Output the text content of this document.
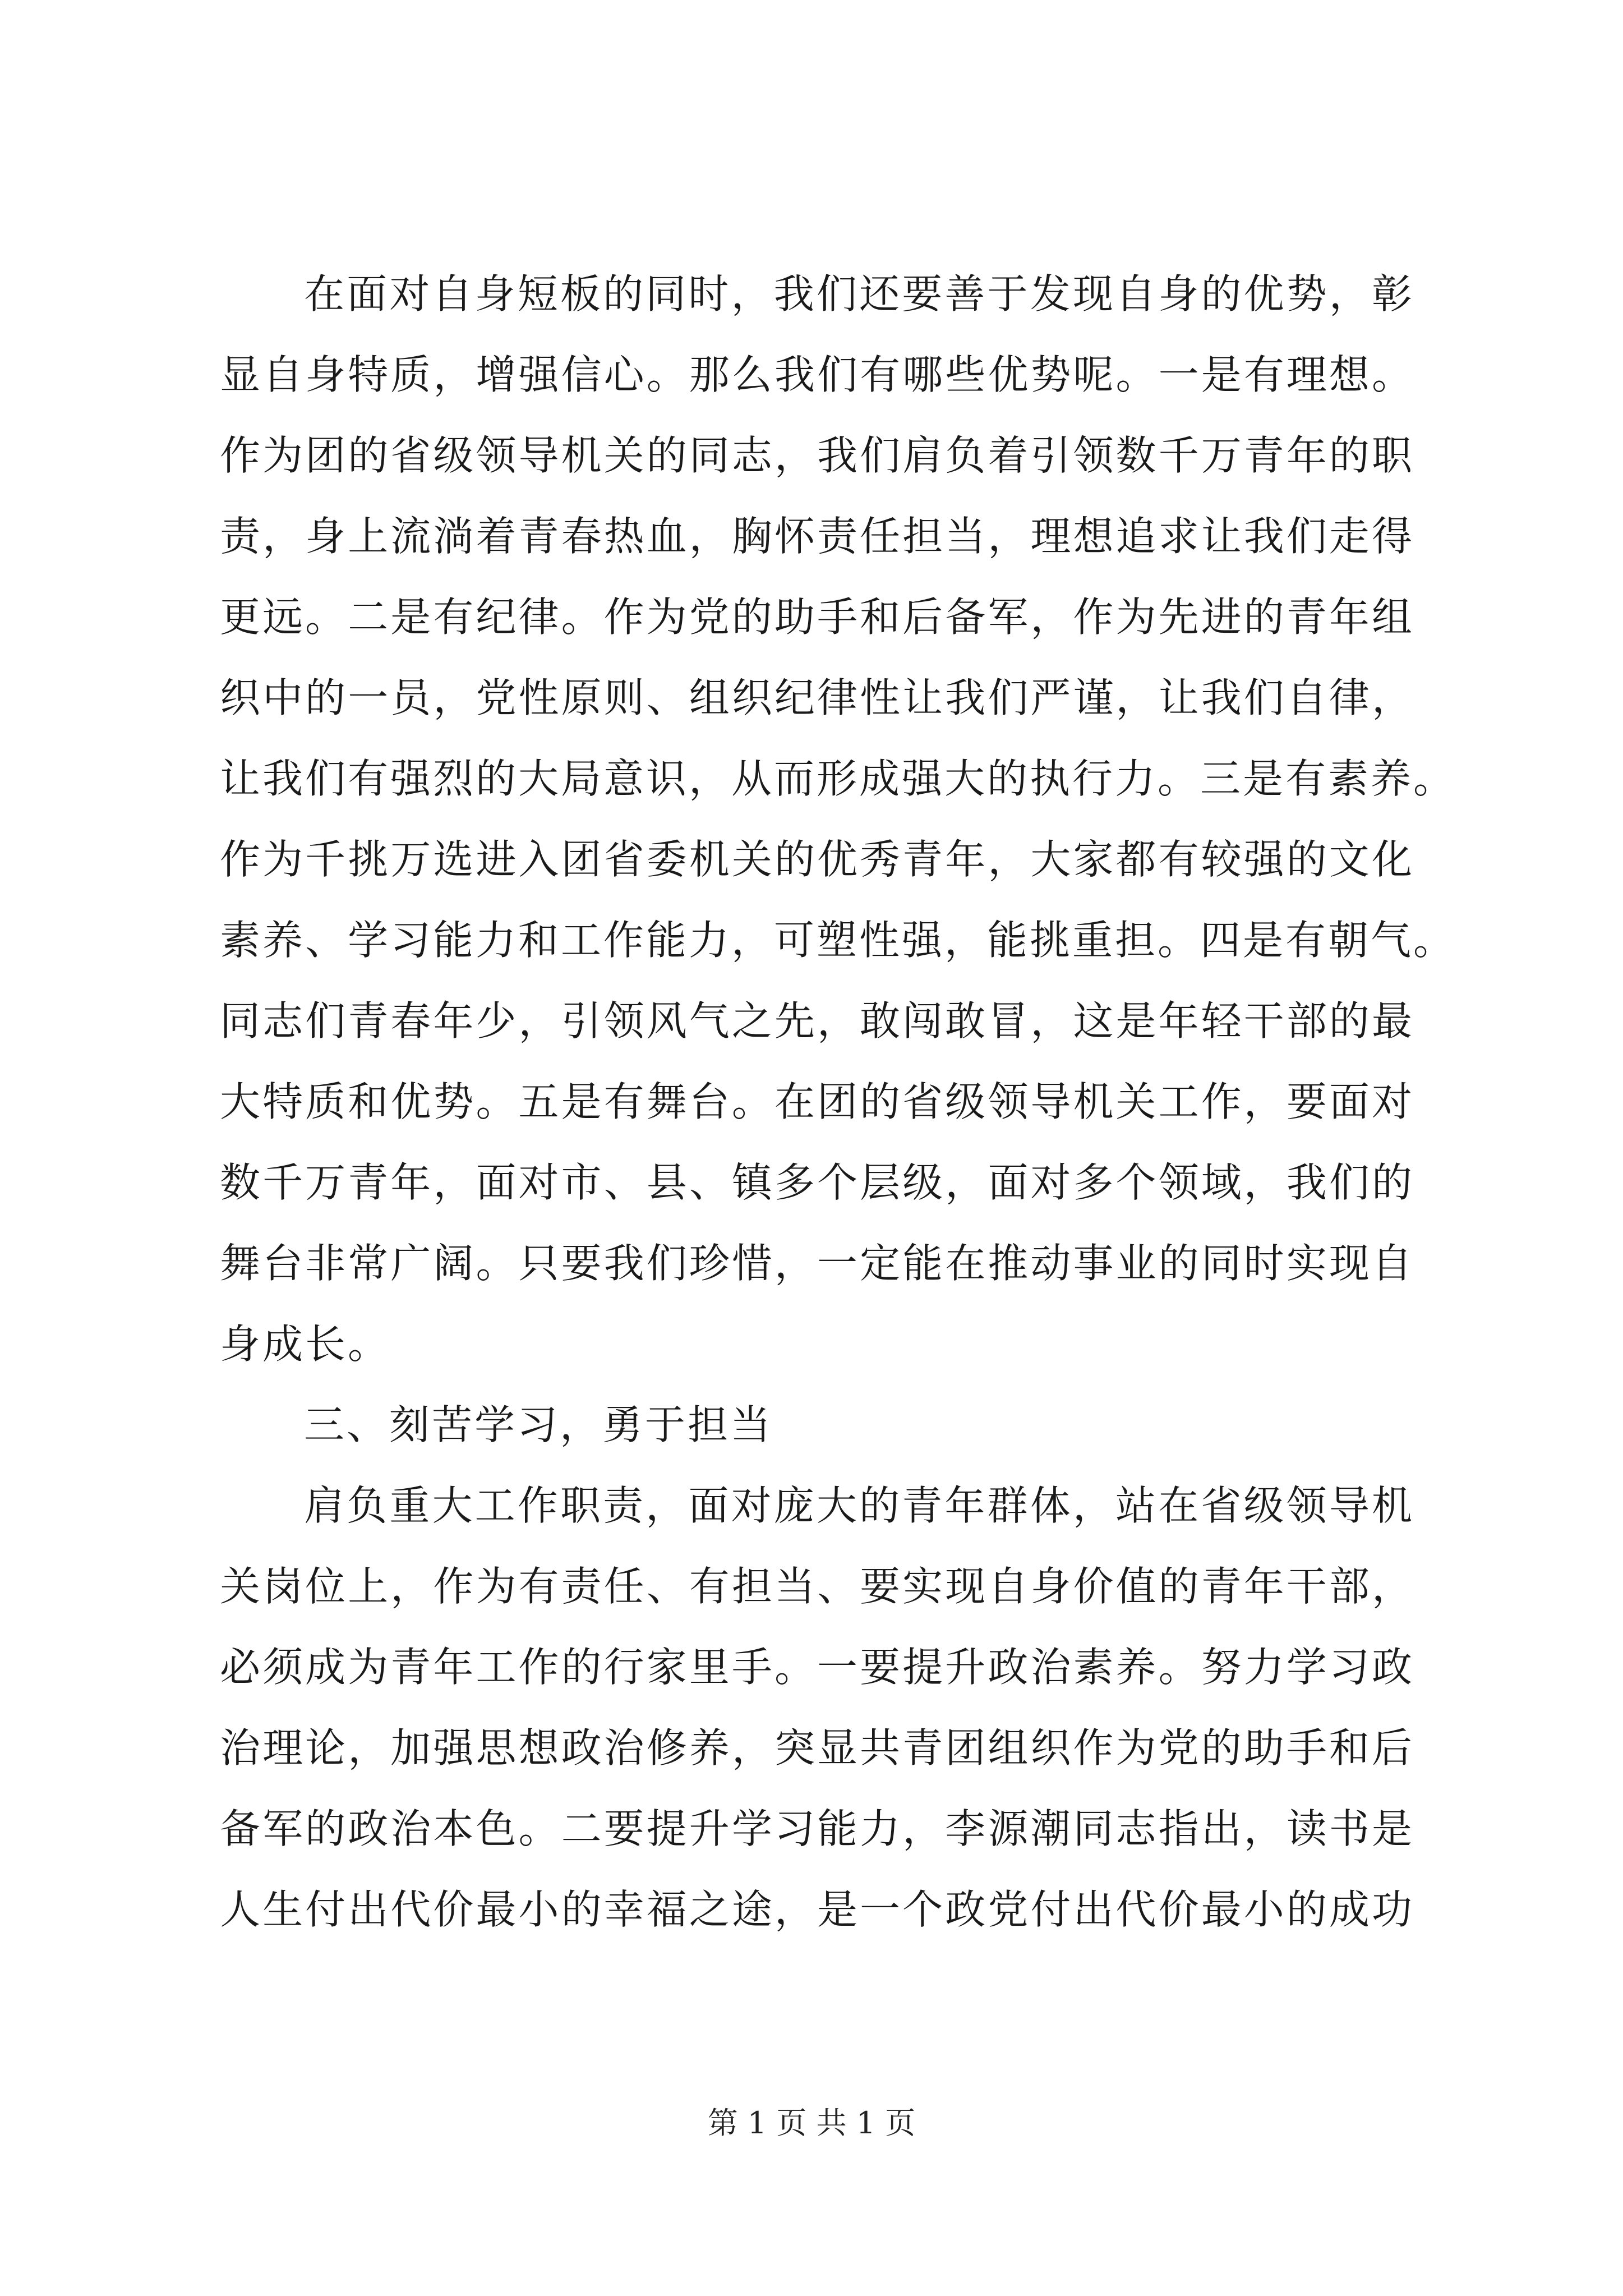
在面对自身短板的同时，我们还要善于发现自身的优势，彰
显自身特质，增强信心。那么我们有哪些优势呢。一是有理想。
作为团的省级领导机关的同志，我们肩负着引领数千万青年的职
责，身上流淌着青春热血，胸怀责任担当，理想追求让我们走得
更远。二是有纪律。作为党的助手和后备军，作为先进的青年组
织中的一员，党性原则、组织纪律性让我们严谨，让我们自律，
让我们有强烈的大局意识，从而形成强大的执行力。三是有素养。
作为千挑万选进入团省委机关的优秀青年，大家都有较强的文化
素养、学习能力和工作能力，可塑性强，能挑重担。四是有朝气。
同志们青春年少，引领风气之先，敢闯敢冒，这是年轻干部的最
大特质和优势。五是有舞台。在团的省级领导机关工作，要面对
数千万青年，面对市、县、镇多个层级，面对多个领域，我们的
舞台非常广阔。只要我们珍惜，一定能在推动事业的同时实现自
身成长。
三、刻苦学习，勇于担当
肩负重大工作职责，面对庞大的青年群体，站在省级领导机
关岗位上，作为有责任、有担当、要实现自身价值的青年干部，
必须成为青年工作的行家里手。一要提升政治素养。努力学习政
治理论，加强思想政治修养，突显共青团组织作为党的助手和后
备军的政治本色。二要提升学习能力，李源潮同志指出，读书是
人生付出代价最小的幸福之途，是一个政党付出代价最小的成功
第 1 页 共 1 页
